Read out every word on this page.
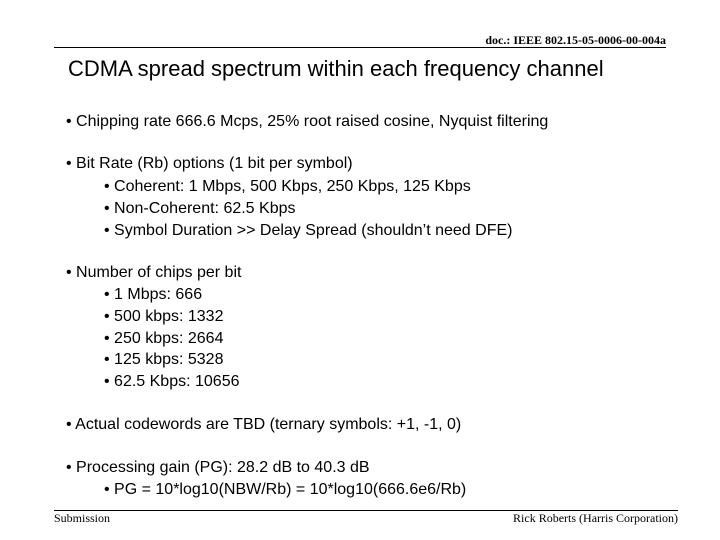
doc.: IEEE 802.15-05-0006-00-004a
CDMA spread spectrum within each frequency channel
• Chipping rate 666.6 Mcps, 25% root raised cosine, Nyquist filtering
• Bit Rate (Rb) options (1 bit per symbol)
• Coherent: 1 Mbps, 500 Kbps, 250 Kbps, 125 Kbps
• Non-Coherent: 62.5 Kbps
• Symbol Duration >> Delay Spread (shouldn’t need DFE)
• Number of chips per bit
• 1 Mbps: 666
• 500 kbps: 1332
• 250 kbps: 2664
• 125 kbps: 5328
• 62.5 Kbps: 10656
• Actual codewords are TBD (ternary symbols: +1, -1, 0)
• Processing gain (PG): 28.2 dB to 40.3 dB
• PG = 10*log10(NBW/Rb) = 10*log10(666.6e6/Rb)
Submission	Rick Roberts (Harris Corporation)
